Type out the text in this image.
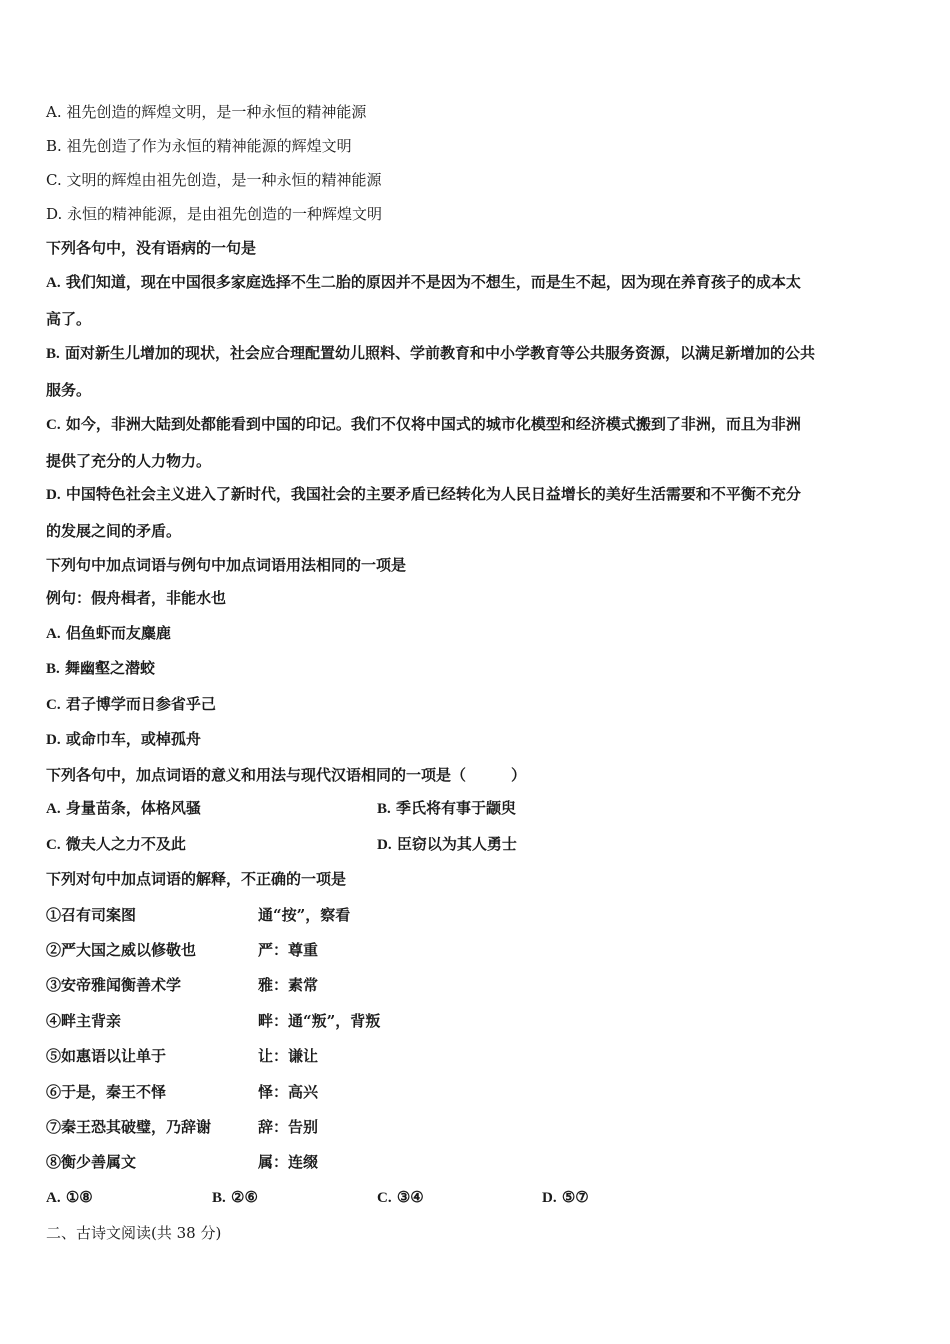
A. 祖先创造的辉煌文明，是一种永恒的精神能源
B. 祖先创造了作为永恒的精神能源的辉煌文明
C. 文明的辉煌由祖先创造，是一种永恒的精神能源
D. 永恒的精神能源，是由祖先创造的一种辉煌文明
下列各句中，没有语病的一句是
A. 我们知道，现在中国很多家庭选择不生二胎的原因并不是因为不想生，而是生不起，因为现在养育孩子的成本太
高了。
B. 面对新生儿增加的现状，社会应合理配置幼儿照料、学前教育和中小学教育等公共服务资源，以满足新增加的公共
服务。
C. 如今，非洲大陆到处都能看到中国的印记。我们不仅将中国式的城市化模型和经济模式搬到了非洲，而且为非洲
提供了充分的人力物力。
D. 中国特色社会主义进入了新时代，我国社会的主要矛盾已经转化为人民日益增长的美好生活需要和不平衡不充分
的发展之间的矛盾。
下列句中加点词语与例句中加点词语用法相同的一项是
例句：假舟楫者，非能水也
A. 侣鱼虾而友麋鹿
B. 舞幽壑之潜蛟
C. 君子博学而日参省乎己
D. 或命巾车，或棹孤舟
下列各句中，加点词语的意义和用法与现代汉语相同的一项是（　　　）
A. 身量苗条，体格风骚	B. 季氏将有事于颛臾
C. 微夫人之力不及此	D. 臣窃以为其人勇士
下列对句中加点词语的解释，不正确的一项是
①召有司案图	通“按”，察看
②严大国之威以修敬也	严：尊重
③安帝雅闻衡善术学	雅：素常
④畔主背亲	畔：通“叛”，背叛
⑤如惠语以让单于	让：谦让
⑥于是，秦王不怿	怿：高兴
⑦秦王恐其破璧，乃辞谢	辞：告别
⑧衡少善属文	属：连缀
A. ①⑧	B. ②⑥	C. ③④	D. ⑤⑦
二、古诗文阅读(共 38 分)
